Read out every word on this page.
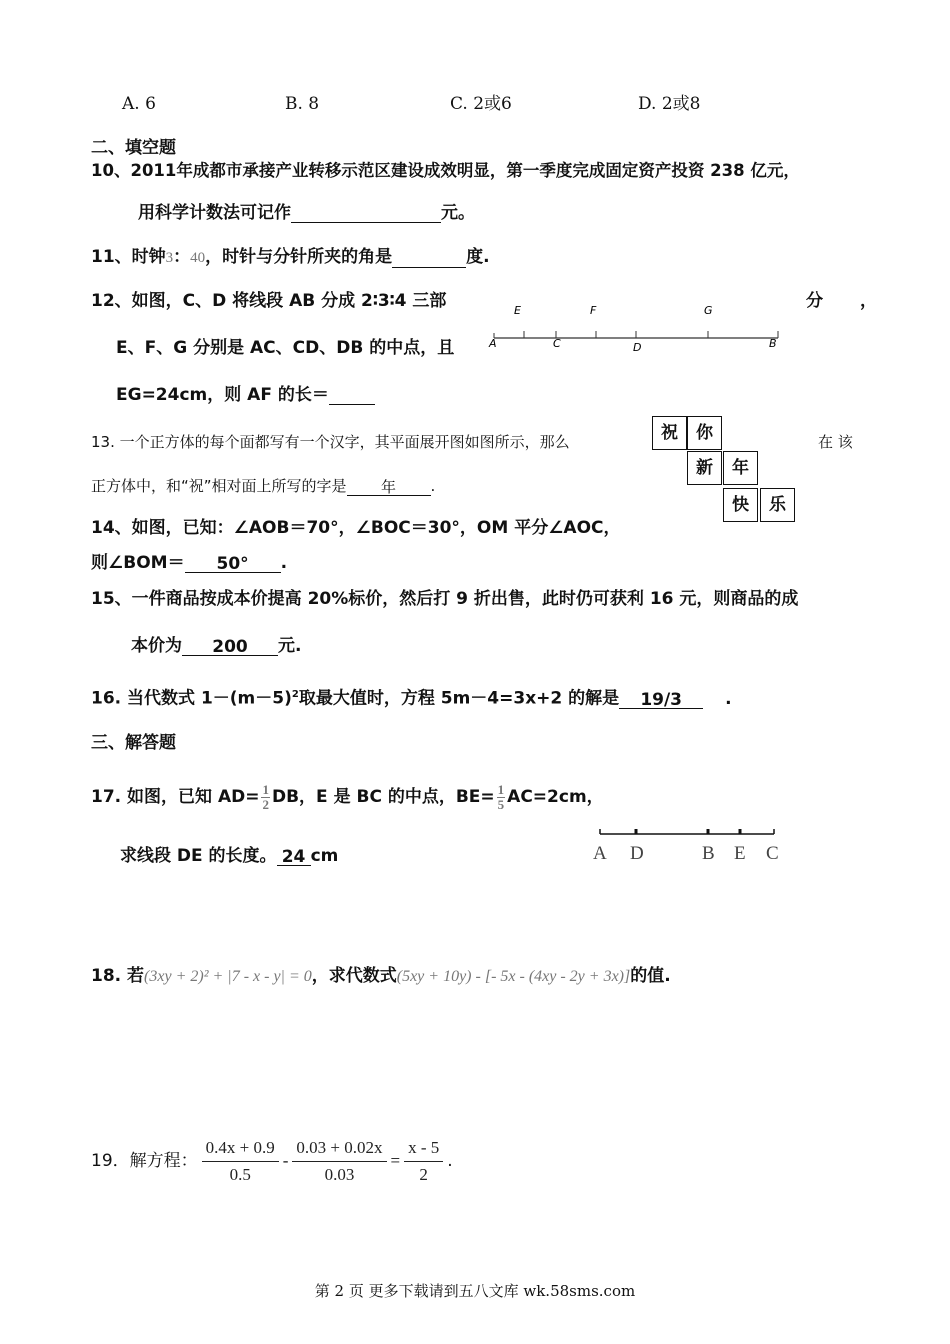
A. 6	B. 8	C. 2或6	D. 2或8
二、填空题
10、2011年成都市承接产业转移示范区建设成效明显，第一季度完成固定资产投资 238 亿元，
用科学计数法可记作	元。
11、时钟3：40，时针与分针所夹的角是	度.
12、如图，C、D 将线段 AB 分成 2∶3∶4 三部	分 ，
E、F、G 分别是 AC、CD、DB 的中点，且
EG=24cm，则 AF 的长＝
E	F	G
A	C	D	B
13. 一个正方体的每个面都写有一个汉字，其平面展开图如图所示，那么	在 该
正方体中，和“祝”相对面上所写的字是 年 .
祝	你
新	年
快	乐
14、如图，已知：∠AOB＝70°，∠BOC＝30°，OM 平分∠AOC，
则∠BOM＝ 50° .
15、一件商品按成本价提高 20%标价，然后打 9 折出售，此时仍可获利 16 元，则商品的成
本价为 200 元.
16. 当代数式 $1-(m-5)^2$取最大值时，方程 5m－4=3x+2 的解是 19/3	.
三、解答题
17. 如图，已知 $AD= \frac{1}{2}$ DB，E 是 BC 的中点，$BE= \frac{1}{5} AC=2cm$，
求线段 DE 的长度。 24 cm	A D	B E C
18. 若(3xy + 2)² + |7 - x - y| = 0，求代数式(5xy + 10y) - [- 5x - (4xy - 2y + 3x)]的值.
19．解方程：
0.4x + 0.9
0.5
- $\frac{0.03 + 0.02x}{0.03} = \frac{x - 5}{2}$ .
第 2 页 更多下载请到五八文库 wk.58sms.com
